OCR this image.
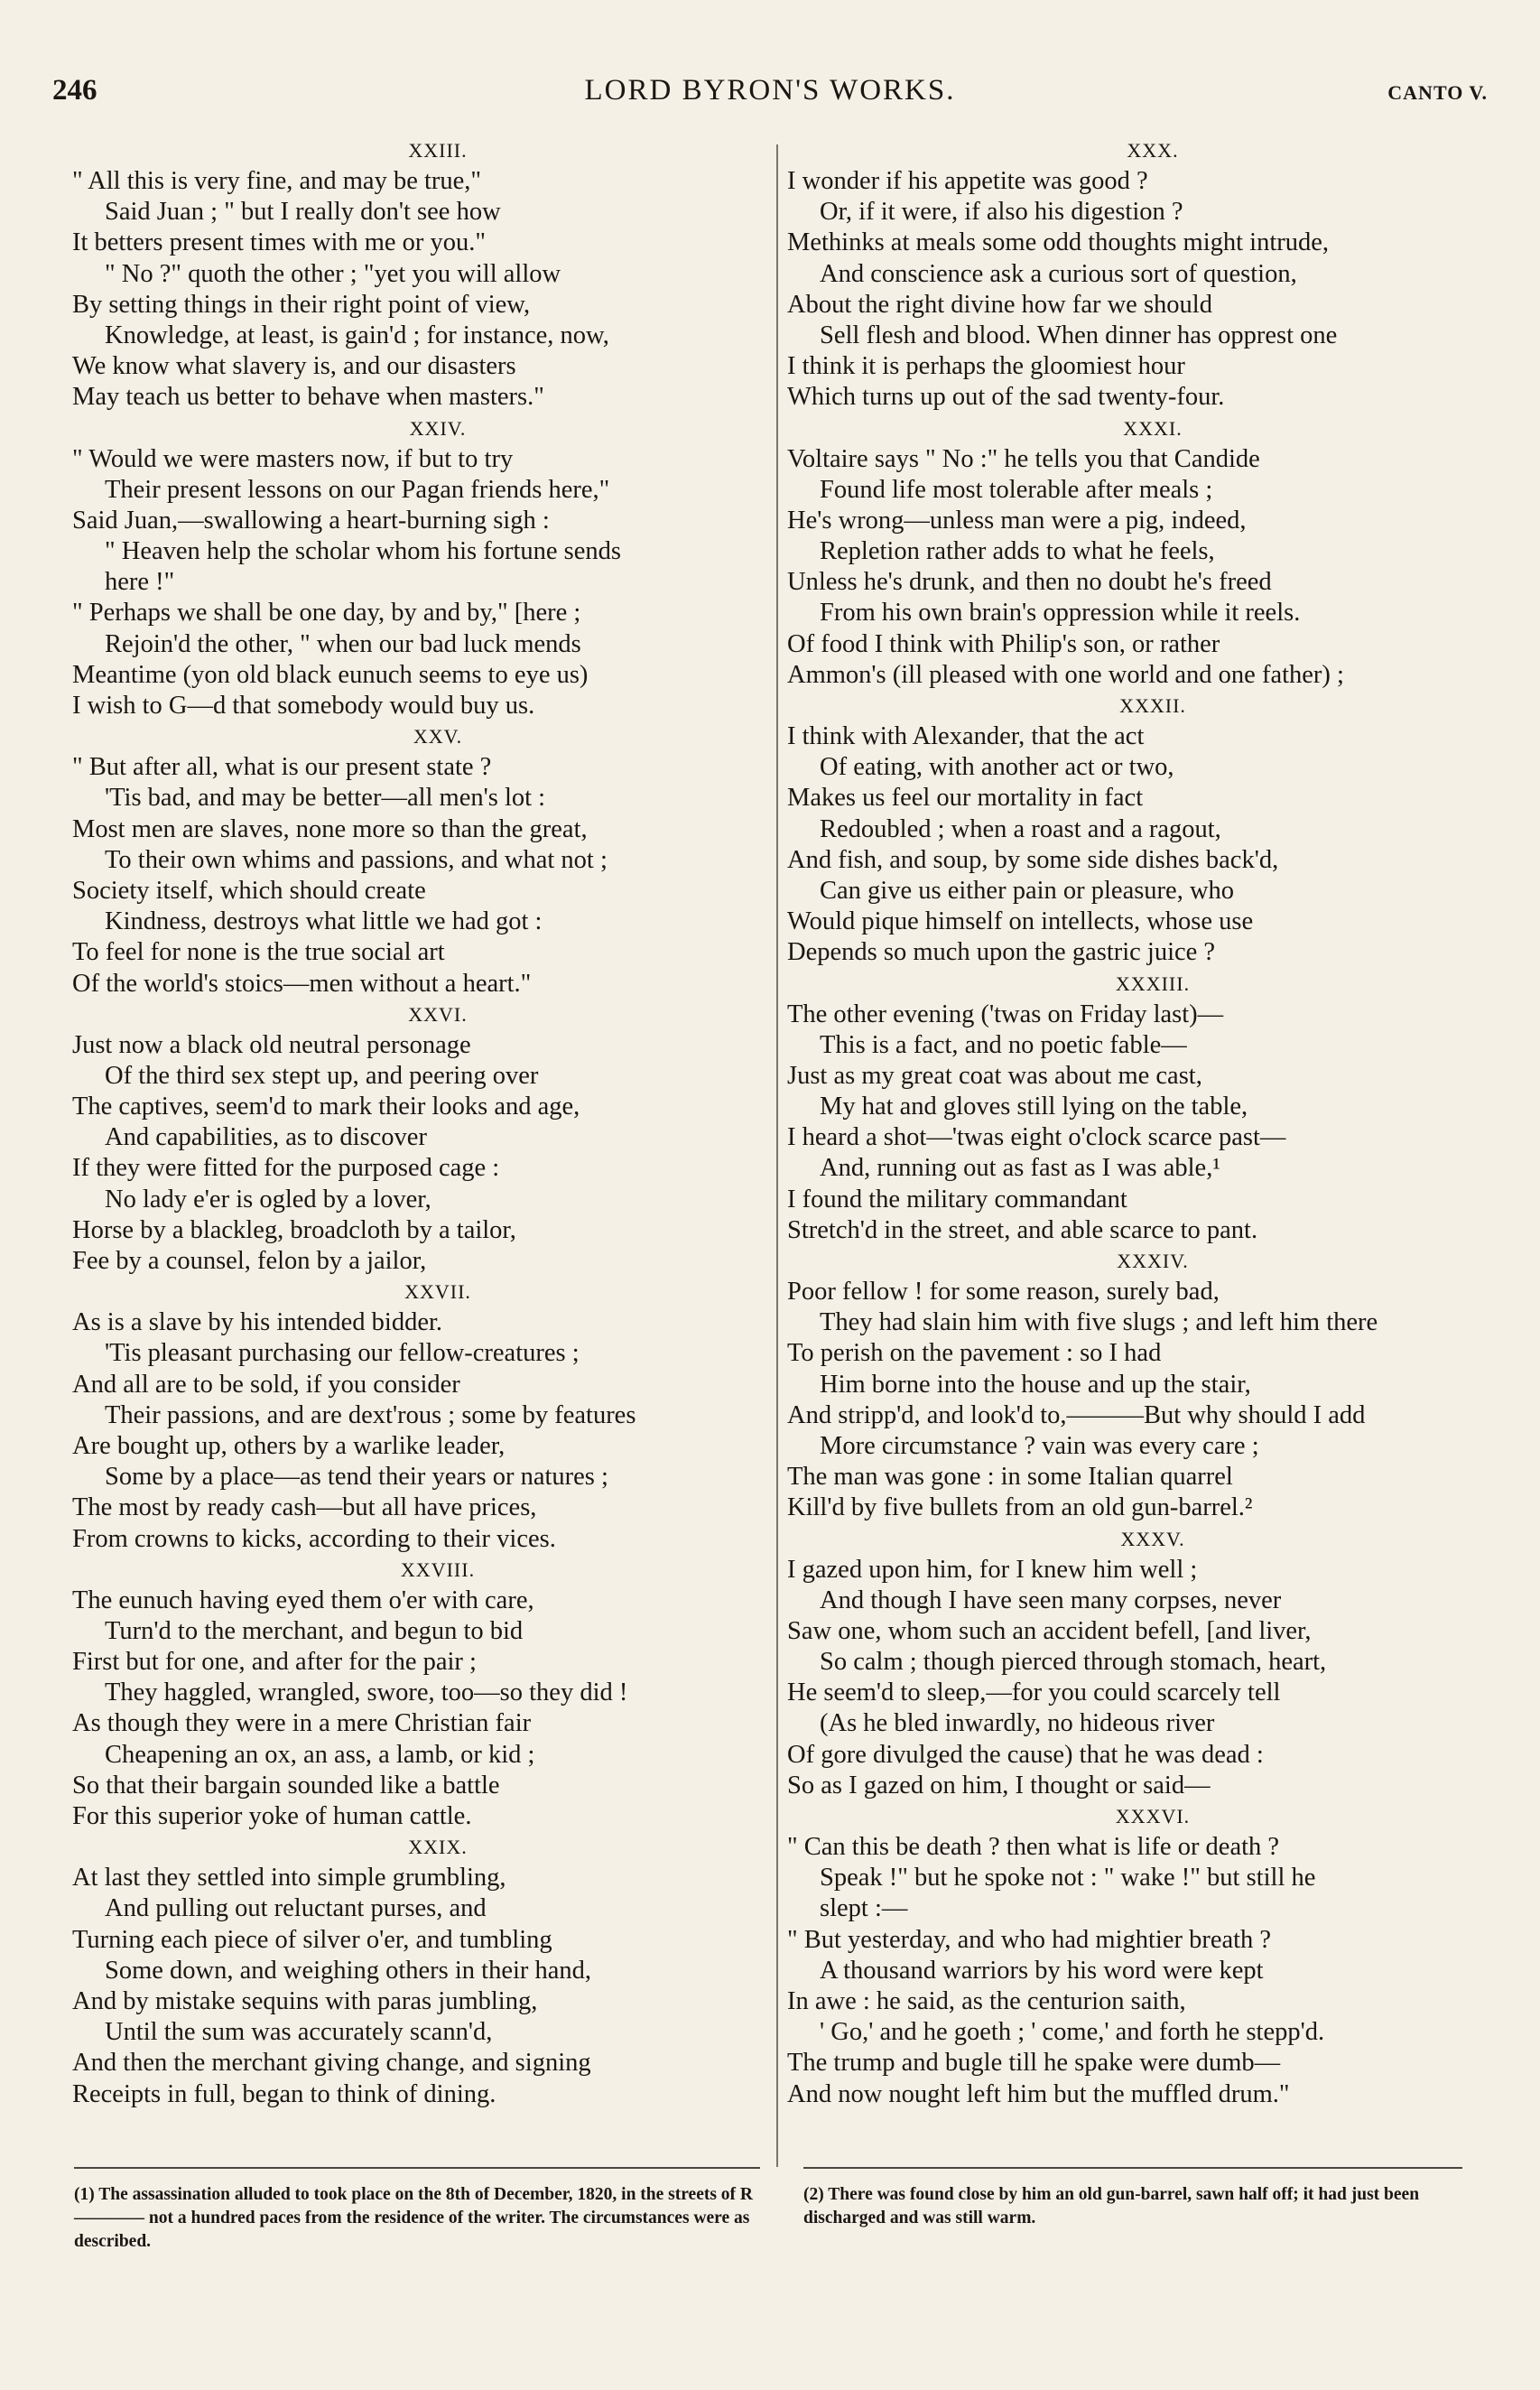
246	LORD BYRON'S WORKS.	CANTO V.
XXIII.
" All this is very fine, and may be true,"
Said Juan ; " but I really don't see how
It betters present times with me or you."
" No ?" quoth the other ; "yet you will allow
By setting things in their right point of view,
Knowledge, at least, is gain'd ; for instance, now,
We know what slavery is, and our disasters
May teach us better to behave when masters."
XXIV.
" Would we were masters now, if but to try
Their present lessons on our Pagan friends here,"
Said Juan,—swallowing a heart-burning sigh :
" Heaven help the scholar whom his fortune sends
here !"
" Perhaps we shall be one day, by and by," [here ;
Rejoin'd the other, " when our bad luck mends
Meantime (yon old black eunuch seems to eye us)
I wish to G—d that somebody would buy us.
XXV.
" But after all, what is our present state ?
'Tis bad, and may be better—all men's lot :
Most men are slaves, none more so than the great,
To their own whims and passions, and what not ;
Society itself, which should create
Kindness, destroys what little we had got :
To feel for none is the true social art
Of the world's stoics—men without a heart."
XXVI.
Just now a black old neutral personage
Of the third sex stept up, and peering over
The captives, seem'd to mark their looks and age,
And capabilities, as to discover
If they were fitted for the purposed cage :
No lady e'er is ogled by a lover,
Horse by a blackleg, broadcloth by a tailor,
Fee by a counsel, felon by a jailor,
XXVII.
As is a slave by his intended bidder.
'Tis pleasant purchasing our fellow-creatures ;
And all are to be sold, if you consider
Their passions, and are dext'rous ; some by features
Are bought up, others by a warlike leader,
Some by a place—as tend their years or natures ;
The most by ready cash—but all have prices,
From crowns to kicks, according to their vices.
XXVIII.
The eunuch having eyed them o'er with care,
Turn'd to the merchant, and begun to bid
First but for one, and after for the pair ;
They haggled, wrangled, swore, too—so they did !
As though they were in a mere Christian fair
Cheapening an ox, an ass, a lamb, or kid ;
So that their bargain sounded like a battle
For this superior yoke of human cattle.
XXIX.
At last they settled into simple grumbling,
And pulling out reluctant purses, and
Turning each piece of silver o'er, and tumbling
Some down, and weighing others in their hand,
And by mistake sequins with paras jumbling,
Until the sum was accurately scann'd,
And then the merchant giving change, and signing
Receipts in full, began to think of dining.
XXX.
I wonder if his appetite was good ?
Or, if it were, if also his digestion ?
Methinks at meals some odd thoughts might intrude,
And conscience ask a curious sort of question,
About the right divine how far we should
Sell flesh and blood. When dinner has opprest one
I think it is perhaps the gloomiest hour
Which turns up out of the sad twenty-four.
XXXI.
Voltaire says " No :" he tells you that Candide
Found life most tolerable after meals ;
He's wrong—unless man were a pig, indeed,
Repletion rather adds to what he feels,
Unless he's drunk, and then no doubt he's freed
From his own brain's oppression while it reels.
Of food I think with Philip's son, or rather
Ammon's (ill pleased with one world and one father) ;
XXXII.
I think with Alexander, that the act
Of eating, with another act or two,
Makes us feel our mortality in fact
Redoubled ; when a roast and a ragout,
And fish, and soup, by some side dishes back'd,
Can give us either pain or pleasure, who
Would pique himself on intellects, whose use
Depends so much upon the gastric juice ?
XXXIII.
The other evening ('twas on Friday last)—
This is a fact, and no poetic fable—
Just as my great coat was about me cast,
My hat and gloves still lying on the table,
I heard a shot—'twas eight o'clock scarce past—
And, running out as fast as I was able,¹
I found the military commandant
Stretch'd in the street, and able scarce to pant.
XXXIV.
Poor fellow ! for some reason, surely bad,
They had slain him with five slugs ; and left him there
To perish on the pavement : so I had
Him borne into the house and up the stair,
And stripp'd, and look'd to,———But why should I add
More circumstance ? vain was every care ;
The man was gone : in some Italian quarrel
Kill'd by five bullets from an old gun-barrel.²
XXXV.
I gazed upon him, for I knew him well ;
And though I have seen many corpses, never
Saw one, whom such an accident befell, [and liver,
So calm ; though pierced through stomach, heart,
He seem'd to sleep,—for you could scarcely tell
(As he bled inwardly, no hideous river
Of gore divulged the cause) that he was dead :
So as I gazed on him, I thought or said—
XXXVI.
" Can this be death ? then what is life or death ?
Speak !" but he spoke not : " wake !" but still he
slept :—
" But yesterday, and who had mightier breath ?
A thousand warriors by his word were kept
In awe : he said, as the centurion saith,
' Go,' and he goeth ; ' come,' and forth he stepp'd.
The trump and bugle till he spake were dumb—
And now nought left him but the muffled drum."

(1) The assassination alluded to took place on the 8th of December, 1820, in the streets of R———— not a hundred paces from the residence of the writer. The circumstances were as described.

(2) There was found close by him an old gun-barrel, sawn half off; it had just been discharged and was still warm.
